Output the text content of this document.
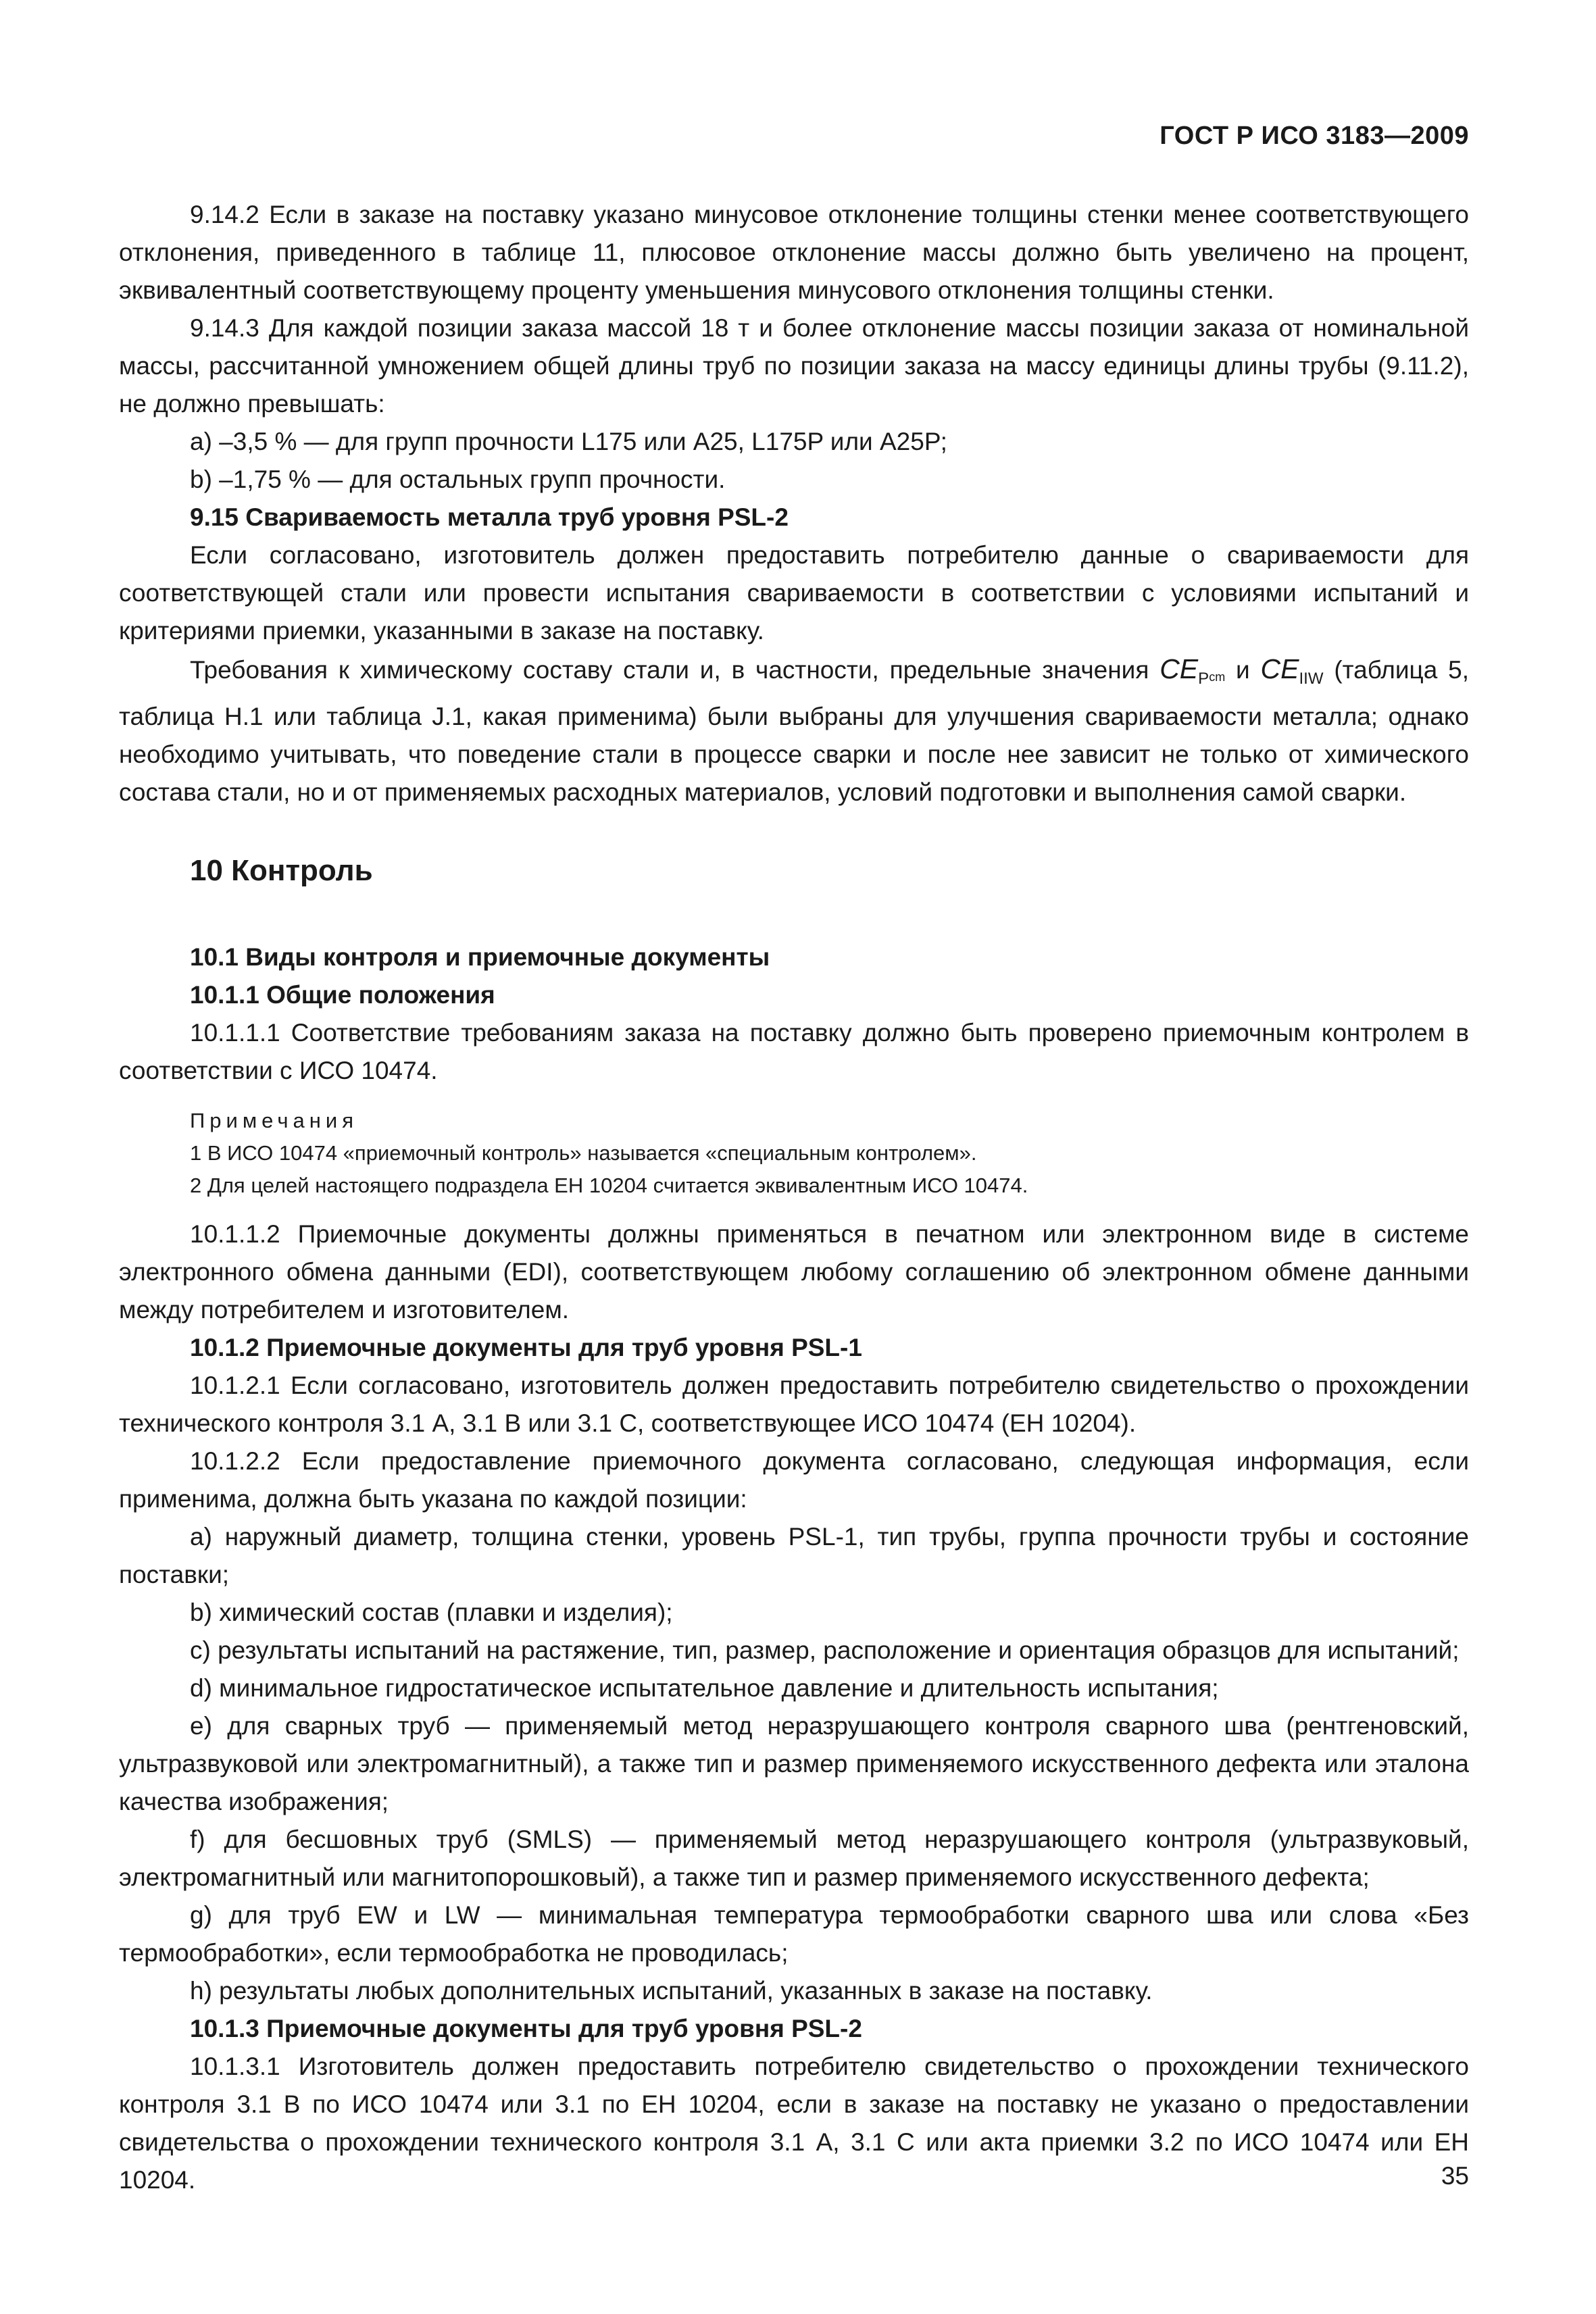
ГОСТ Р ИСО 3183—2009

9.14.2 Если в заказе на поставку указано минусовое отклонение толщины стенки менее соответствующего отклонения, приведенного в таблице 11, плюсовое отклонение массы должно быть увеличено на процент, эквивалентный соответствующему проценту уменьшения минусового отклонения толщины стенки.

9.14.3 Для каждой позиции заказа массой 18 т и более отклонение массы позиции заказа от номинальной массы, рассчитанной умножением общей длины труб по позиции заказа на массу единицы длины трубы (9.11.2), не должно превышать:

a) –3,5 % — для групп прочности L175 или А25, L175P или А25Р;

b) –1,75 % — для остальных групп прочности.

9.15 Свариваемость металла труб уровня PSL-2

Если согласовано, изготовитель должен предоставить потребителю данные о свариваемости для соответствующей стали или провести испытания свариваемости в соответствии с условиями испытаний и критериями приемки, указанными в заказе на поставку.

Требования к химическому составу стали и, в частности, предельные значения $CE_Pcm$ и $CE_{IIW}$ (таблица 5, таблица Н.1 или таблица J.1, какая применима) были выбраны для улучшения свариваемости металла; однако необходимо учитывать, что поведение стали в процессе сварки и после нее зависит не только от химического состава стали, но и от применяемых расходных материалов, условий подготовки и выполнения самой сварки.

10 Контроль

10.1 Виды контроля и приемочные документы

10.1.1 Общие положения

10.1.1.1 Соответствие требованиям заказа на поставку должно быть проверено приемочным контролем в соответствии с ИСО 10474.

Примечания

1 В ИСО 10474 «приемочный контроль» называется «специальным контролем».

2 Для целей настоящего подраздела ЕН 10204 считается эквивалентным ИСО 10474.

10.1.1.2 Приемочные документы должны применяться в печатном или электронном виде в системе электронного обмена данными (EDI), соответствующем любому соглашению об электронном обмене данными между потребителем и изготовителем.

10.1.2 Приемочные документы для труб уровня PSL-1

10.1.2.1 Если согласовано, изготовитель должен предоставить потребителю свидетельство о прохождении технического контроля 3.1 А, 3.1 В или 3.1 С, соответствующее ИСО 10474 (ЕН 10204).

10.1.2.2 Если предоставление приемочного документа согласовано, следующая информация, если применима, должна быть указана по каждой позиции:

a) наружный диаметр, толщина стенки, уровень PSL-1, тип трубы, группа прочности трубы и состояние поставки;

b) химический состав (плавки и изделия);

c) результаты испытаний на растяжение, тип, размер, расположение и ориентация образцов для испытаний;

d) минимальное гидростатическое испытательное давление и длительность испытания;

e) для сварных труб — применяемый метод неразрушающего контроля сварного шва (рентгеновский, ультразвуковой или электромагнитный), а также тип и размер применяемого искусственного дефекта или эталона качества изображения;

f) для бесшовных труб (SMLS) — применяемый метод неразрушающего контроля (ультразвуковый, электромагнитный или магнитопорошковый), а также тип и размер применяемого искусственного дефекта;

g) для труб EW и LW — минимальная температура термообработки сварного шва или слова «Без термообработки», если термообработка не проводилась;

h) результаты любых дополнительных испытаний, указанных в заказе на поставку.

10.1.3 Приемочные документы для труб уровня PSL-2

10.1.3.1 Изготовитель должен предоставить потребителю свидетельство о прохождении технического контроля 3.1 В по ИСО 10474 или 3.1 по ЕН 10204, если в заказе на поставку не указано о предоставлении свидетельства о прохождении технического контроля 3.1 А, 3.1 С или акта приемки 3.2 по ИСО 10474 или ЕН 10204.	35
